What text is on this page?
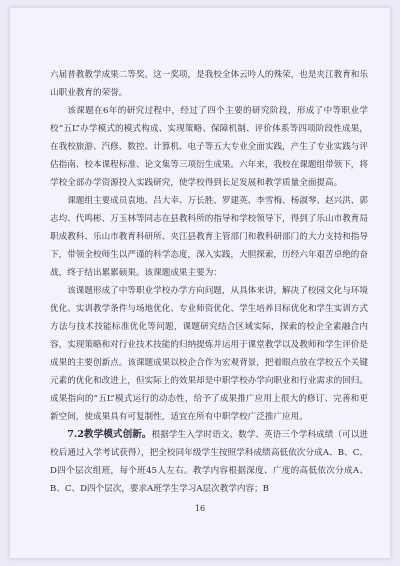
六届普教教学成果二等奖。这一奖项，是我校全体云吟人的殊荣，也是夹江教育和乐山职业教育的荣誉。

该课题在6年的研究过程中，经过了四个主要的研究阶段，形成了中等职业学校“五L”办学模式的模式构成、实现策略、保障机制、评价体系等四项阶段性成果，在我校旅游、汽修、数控、计算机、电子等五大专业全面实践，产生了专业实践与评估指南、校本课程标准、论文集等三项衍生成果。六年来，我校在课题组带领下，将学校全部办学资源投入实践研究，使学校得到长足发展和教学质量全面提高。

课题组主要成员袁地、吕大幸、万长胜、罗建英、李雪梅、杨淑琴、赵兴洪、郭志均、代鸣彬、万玉林等同志在县教科所的指导和学校领导下，得到了乐山市教育局职成教科、乐山市教育科研所、夹江县教育主管部门和教科研部门的大力支持和指导下，带领全校师生以严谨的科学态度，深入实践，大胆探索，历经六年艰苦卓绝的奋战，终于结出累累硕果。该课题成果主要为：

该课题形成了中等职业学校办学方向问题，从具体来讲，解决了校园文化与环境优化、实训教学条件与场地优化、专业师资优化、学生培养目标优化和学生实训方式方法与技术技能标准优化等问题，课题研究结合区域实际，探索的校企全素融合内容，实现策略和对行业技术技能的归纳提炼并运用于课堂教学以及教师和学生评价是成果的主要创新点。该课题成果以校企合作为宏观背景，把着眼点放在学校五个关键元素的优化和改进上，但实际上的效果却是中职学校办学向职业和行业需求的回归。成果指向的“五L”模式运行的动态性，给予了成果推广应用上很大的修订、完善和更新空间，使成果具有可复制性，适宜在所有中职学校广泛推广应用。

7.2教学模式创新。根据学生入学时语文、数学、英语三个学科成绩（可以进校后通过入学考试获得），把全校同年级学生按照学科成绩高低依次分成A、B、C、D四个层次组班，每个班45人左右。教学内容根据深度、广度的高低依次分成A、B、C、D四个层次，要求A班学生学习A层次教学内容；B

16
